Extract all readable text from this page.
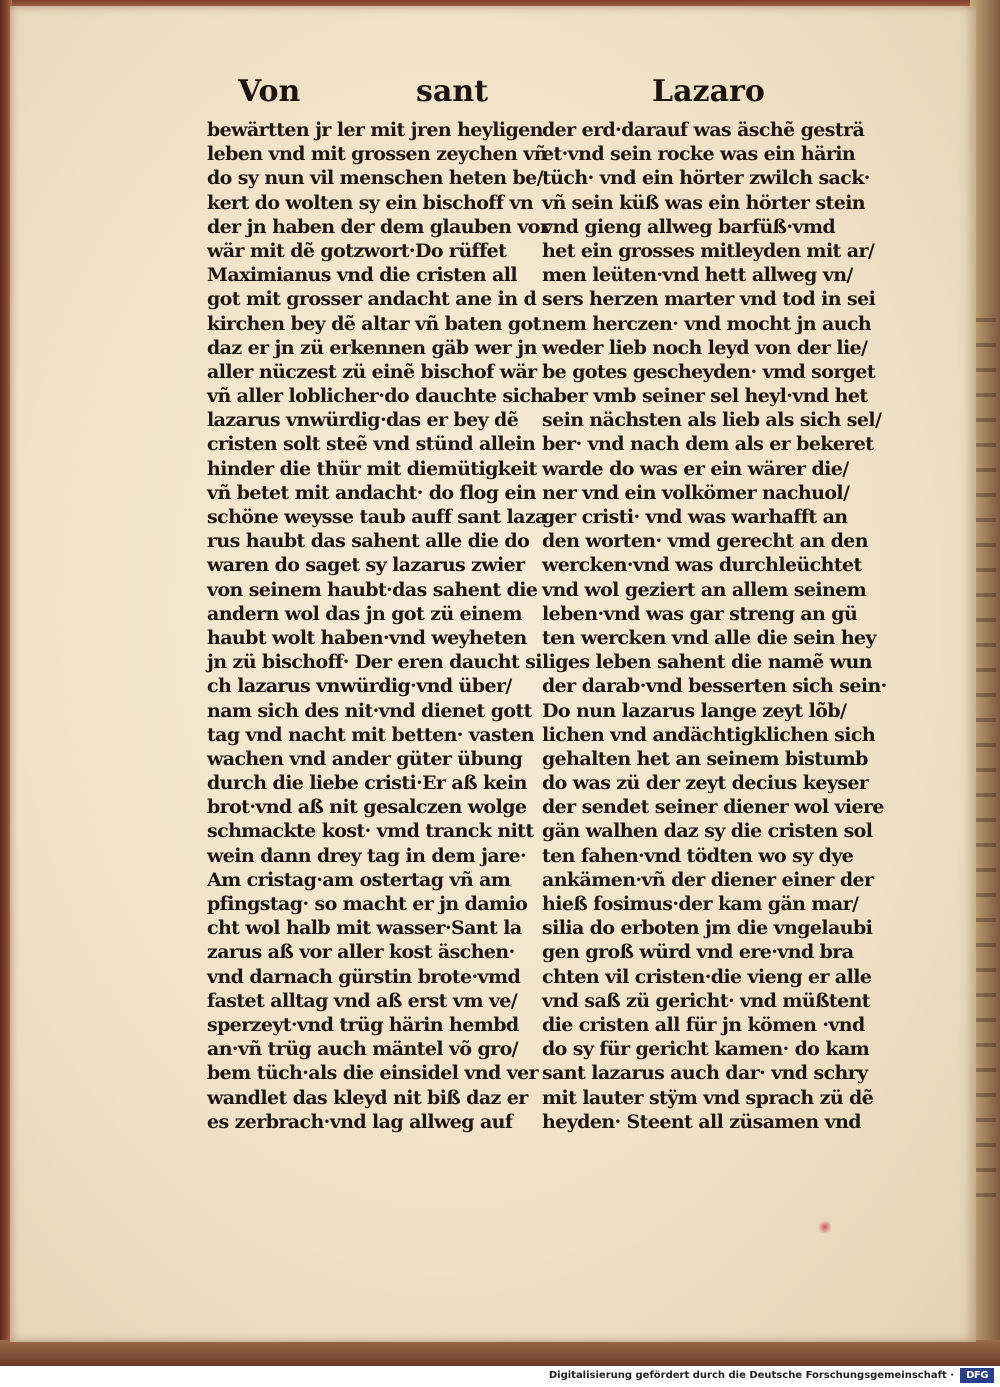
Von	sant	Lazaro
bewärtten jr ler mit jren heyligen
leben vnd mit grossen zeychen vñ
do sy nun vil menschen heten be/
kert do wolten sy ein bischoff vn
der jn haben der dem glauben vor
wär mit dẽ gotzwort·Do rüffet
Maximianus vnd die cristen all
got mit grosser andacht ane in d
kirchen bey dẽ altar vñ baten got
daz er jn zü erkennen gäb wer jn
aller nüczest zü einẽ bischof wär
vñ aller loblicher·do dauchte sich
lazarus vnwürdig·das er bey dẽ
cristen solt steẽ vnd stünd allein
hinder die thür mit diemütigkeit
vñ betet mit andacht· do flog ein
schöne weysse taub auff sant laza
rus haubt das sahent alle die do
waren do saget sy lazarus zwier
von seinem haubt·das sahent die
andern wol das jn got zü einem
haubt wolt haben·vnd weyheten
jn zü bischoff· Der eren daucht si
ch lazarus vnwürdig·vnd über/
nam sich des nit·vnd dienet gott
tag vnd nacht mit betten· vasten
wachen vnd ander güter übung
durch die liebe cristi·Er aß kein
brot·vnd aß nit gesalczen wolge
schmackte kost· vmd tranck nitt
wein dann drey tag in dem jare·
Am cristag·am ostertag vñ am
pfingstag· so macht er jn damio
cht wol halb mit wasser·Sant la
zarus aß vor aller kost äschen·
vnd darnach gürstin brote·vmd
fastet alltag vnd aß erst vm ve/
sperzeyt·vnd trüg härin hembd
an·vñ trüg auch mäntel võ gro/
bem tüch·als die einsidel vnd ver
wandlet das kleyd nit biß daz er
es zerbrach·vnd lag allweg auf
der erd·darauf was äschẽ gesträ
et·vnd sein rocke was ein härin
tüch· vnd ein hörter zwilch sack·
vñ sein küß was ein hörter stein
vnd gieng allweg barfüß·vmd
het ein grosses mitleyden mit ar/
men leüten·vnd hett allweg vn/
sers herzen marter vnd tod in sei
nem herczen· vnd mocht jn auch
weder lieb noch leyd von der lie/
be gotes gescheyden· vmd sorget
aber vmb seiner sel heyl·vnd het
sein nächsten als lieb als sich sel/
ber· vnd nach dem als er bekeret
warde do was er ein wärer die/
ner vnd ein volkömer nachuol/
ger cristi· vnd was warhafft an
den worten· vmd gerecht an den
wercken·vnd was durchleüchtet
vnd wol geziert an allem seinem
leben·vnd was gar streng an gü
ten wercken vnd alle die sein hey
liges leben sahent die namẽ wun
der darab·vnd besserten sich sein·
Do nun lazarus lange zeyt lõb/
lichen vnd andächtigklichen sich
gehalten het an seinem bistumb
do was zü der zeyt decius keyser
der sendet seiner diener wol viere
gän walhen daz sy die cristen sol
ten fahen·vnd tödten wo sy dye
ankämen·vñ der diener einer der
hieß fosimus·der kam gän mar/
silia do erboten jm die vngelaubi
gen groß würd vnd ere·vnd bra
chten vil cristen·die vieng er alle
vnd saß zü gericht· vnd müßtent
die cristen all für jn kömen ·vnd
do sy für gericht kamen· do kam
sant lazarus auch dar· vnd schry
mit lauter stÿm vnd sprach zü dẽ
heyden· Steent all züsamen vnd
Digitalisierung gefördert durch die Deutsche Forschungsgemeinschaft ·	DFG
